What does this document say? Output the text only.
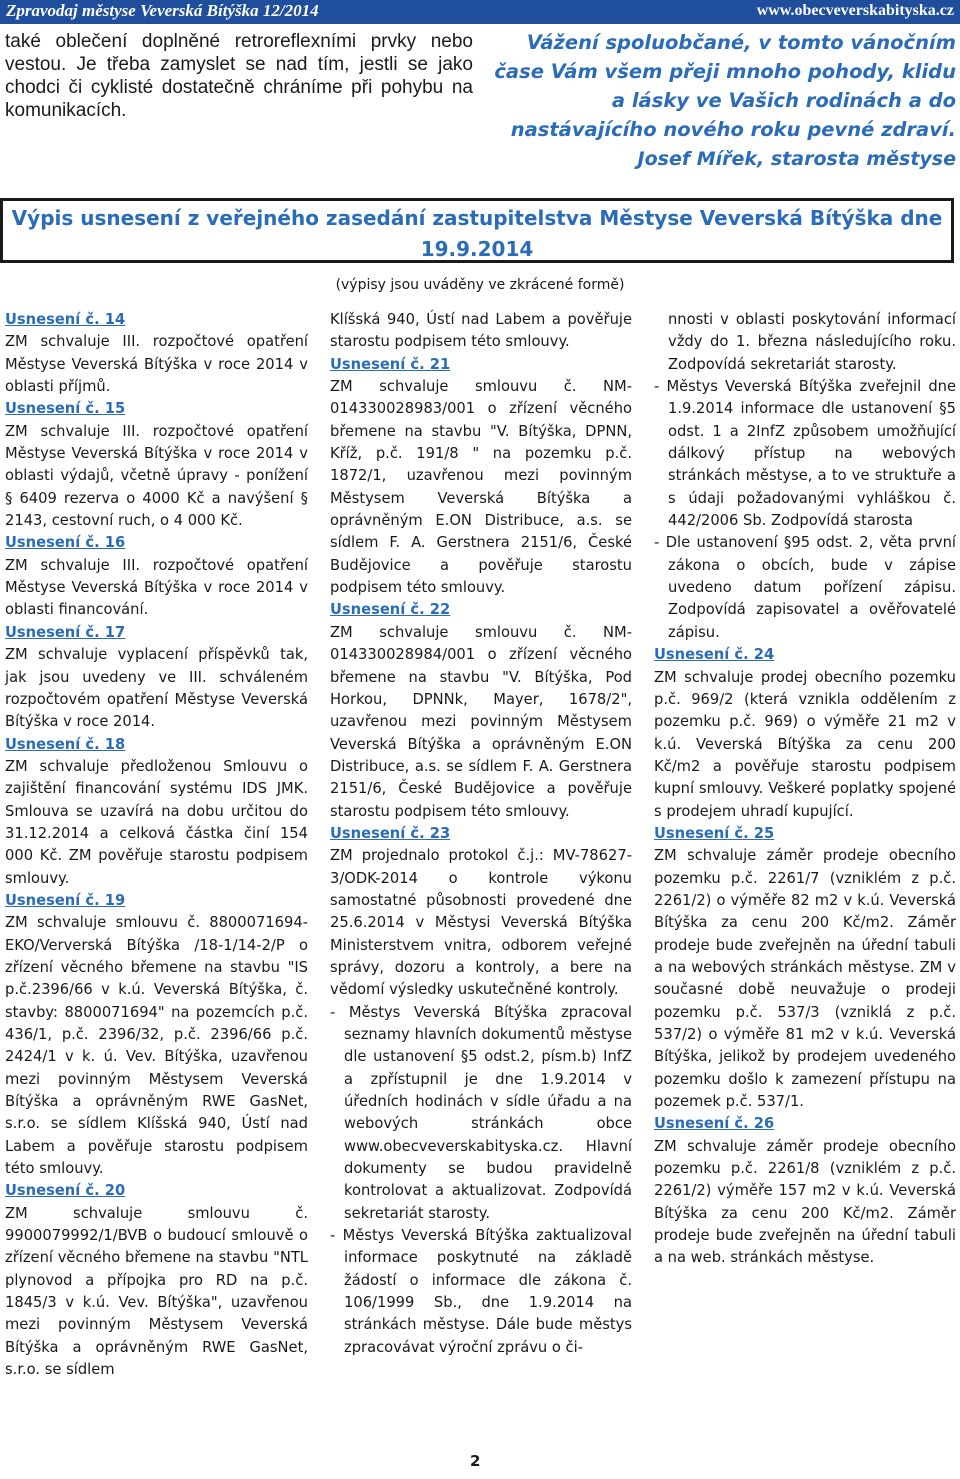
Zpravodaj městyse Veverská Bítýška 12/2014	www.obecveverskabityska.cz
také oblečení doplněné retroreflexními prvky nebo vestou. Je třeba zamyslet se nad tím, jestli se jako chodci či cyklisté dostatečně chráníme při pohybu na komunikacích.
Vážení spoluobčané, v tomto vánočním čase Vám všem přeji mnoho pohody, klidu a lásky ve Vašich rodinách a do nastávajícího nového roku pevné zdraví.
Josef Mířek, starosta městyse
Výpis usnesení z veřejného zasedání zastupitelstva Městyse Veverská Bítýška dne 19.9.2014
(výpisy jsou uváděny ve zkrácené formě)

Usnesení č. 14

ZM schvaluje III. rozpočtové opatření Městyse Veverská Bítýška v roce 2014 v oblasti příjmů.

Usnesení č. 15

ZM schvaluje III. rozpočtové opatření Městyse Veverská Bítýška v roce 2014 v oblasti výdajů, včetně úpravy - ponížení § 6409 rezerva o 4000 Kč a navýšení § 2143, cestovní ruch, o 4 000 Kč.

Usnesení č. 16

ZM schvaluje III. rozpočtové opatření Městyse Veverská Bítýška v roce 2014 v oblasti financování.

Usnesení č. 17

ZM schvaluje vyplacení příspěvků tak, jak jsou uvedeny ve III. schváleném rozpočtovém opatření Městyse Veverská Bítýška v roce 2014.

Usnesení č. 18

ZM schvaluje předloženou Smlouvu o zajištění financování systému IDS JMK. Smlouva se uzavírá na dobu určitou do 31.12.2014 a celková částka činí 154 000 Kč. ZM pověřuje starostu podpisem smlouvy.

Usnesení č. 19

ZM schvaluje smlouvu č. 8800071694-EKO/Ververská Bítýška /18-1/14-2/P o zřízení věcného břemene na stavbu "IS p.č.2396/66 v k.ú. Veverská Bítýška, č. stavby: 8800071694" na pozemcích p.č. 436/1, p.č. 2396/32, p.č. 2396/66 p.č. 2424/1 v k. ú. Vev. Bítýška, uzavřenou mezi povinným Městysem Veverská Bítýška a oprávněným RWE GasNet, s.r.o. se sídlem Klíšská 940, Ústí nad Labem a pověřuje starostu podpisem této smlouvy.

Usnesení č. 20

ZM schvaluje smlouvu č. 9900079992/1/BVB o budoucí smlouvě o zřízení věcného břemene na stavbu "NTL plynovod a přípojka pro RD na p.č. 1845/3 v k.ú. Vev. Bítýška", uzavřenou mezi povinným Městysem Veverská Bítýška a oprávněným RWE GasNet, s.r.o. se sídlem

Klíšská 940, Ústí nad Labem a pověřuje starostu podpisem této smlouvy.

Usnesení č. 21

ZM schvaluje smlouvu č. NM-014330028983/001 o zřízení věcného břemene na stavbu "V. Bítýška, DPNN, Kříž, p.č. 191/8 " na pozemku p.č. 1872/1, uzavřenou mezi povinným Městysem Veverská Bítýška a oprávněným E.ON Distribuce, a.s. se sídlem F. A. Gerstnera 2151/6, České Budějovice a pověřuje starostu podpisem této smlouvy.

Usnesení č. 22

ZM schvaluje smlouvu č. NM-014330028984/001 o zřízení věcného břemene na stavbu "V. Bítýška, Pod Horkou, DPNNk, Mayer, 1678/2", uzavřenou mezi povinným Městysem Veverská Bítýška a oprávněným E.ON Distribuce, a.s. se sídlem F. A. Gerstnera 2151/6, České Budějovice a pověřuje starostu podpisem této smlouvy.

Usnesení č. 23

ZM projednalo protokol č.j.: MV-78627-3/ODK-2014 o kontrole výkonu samostatné působnosti provedené dne 25.6.2014 v Městysi Veverská Bítýška Ministerstvem vnitra, odborem veřejné správy, dozoru a kontroly, a bere na vědomí výsledky uskutečněné kontroly.

- Městys Veverská Bítýška zpracoval seznamy hlavních dokumentů městyse dle ustanovení §5 odst.2, písm.b) InfZ a zpřístupnil je dne 1.9.2014 v úředních hodinách v sídle úřadu a na webových stránkách obce www.obecveverskabityska.cz. Hlavní dokumenty se budou pravidelně kontrolovat a aktualizovat. Zodpovídá sekretariát starosty.

- Městys Veverská Bítýška zaktualizoval informace poskytnuté na základě žádostí o informace dle zákona č. 106/1999 Sb., dne 1.9.2014 na stránkách městyse. Dále bude městys zpracovávat výroční zprávu o či-

nnosti v oblasti poskytování informací vždy do 1. března následujícího roku. Zodpovídá sekretariát starosty.

- Městys Veverská Bítýška zveřejnil dne 1.9.2014 informace dle ustanovení §5 odst. 1 a 2InfZ způsobem umožňující dálkový přístup na webových stránkách městyse, a to ve struktuře a s údaji požadovanými vyhláškou č. 442/2006 Sb. Zodpovídá starosta

- Dle ustanovení §95 odst. 2, věta první zákona o obcích, bude v zápise uvedeno datum pořízení zápisu. Zodpovídá zapisovatel a ověřovatelé zápisu.

Usnesení č. 24

ZM schvaluje prodej obecního pozemku p.č. 969/2 (která vznikla oddělením z pozemku p.č. 969) o výměře 21 m2 v k.ú. Veverská Bítýška za cenu 200 Kč/m2 a pověřuje starostu podpisem kupní smlouvy. Veškeré poplatky spojené s prodejem uhradí kupující.

Usnesení č. 25

ZM schvaluje záměr prodeje obecního pozemku p.č. 2261/7 (vzniklém z p.č. 2261/2) o výměře 82 m2 v k.ú. Veverská Bítýška za cenu 200 Kč/m2. Záměr prodeje bude zveřejněn na úřední tabuli a na webových stránkách městyse. ZM v současné době neuvažuje o prodeji pozemku p.č. 537/3 (vzniklá z p.č. 537/2) o výměře 81 m2 v k.ú. Veverská Bítýška, jelikož by prodejem uvedeného pozemku došlo k zamezení přístupu na pozemek p.č. 537/1.

Usnesení č. 26

ZM schvaluje záměr prodeje obecního pozemku p.č. 2261/8 (vzniklém z p.č. 2261/2) výměře 157 m2 v k.ú. Veverská Bítýška za cenu 200 Kč/m2. Záměr prodeje bude zveřejněn na úřední tabuli a na web. stránkách městyse.

2
